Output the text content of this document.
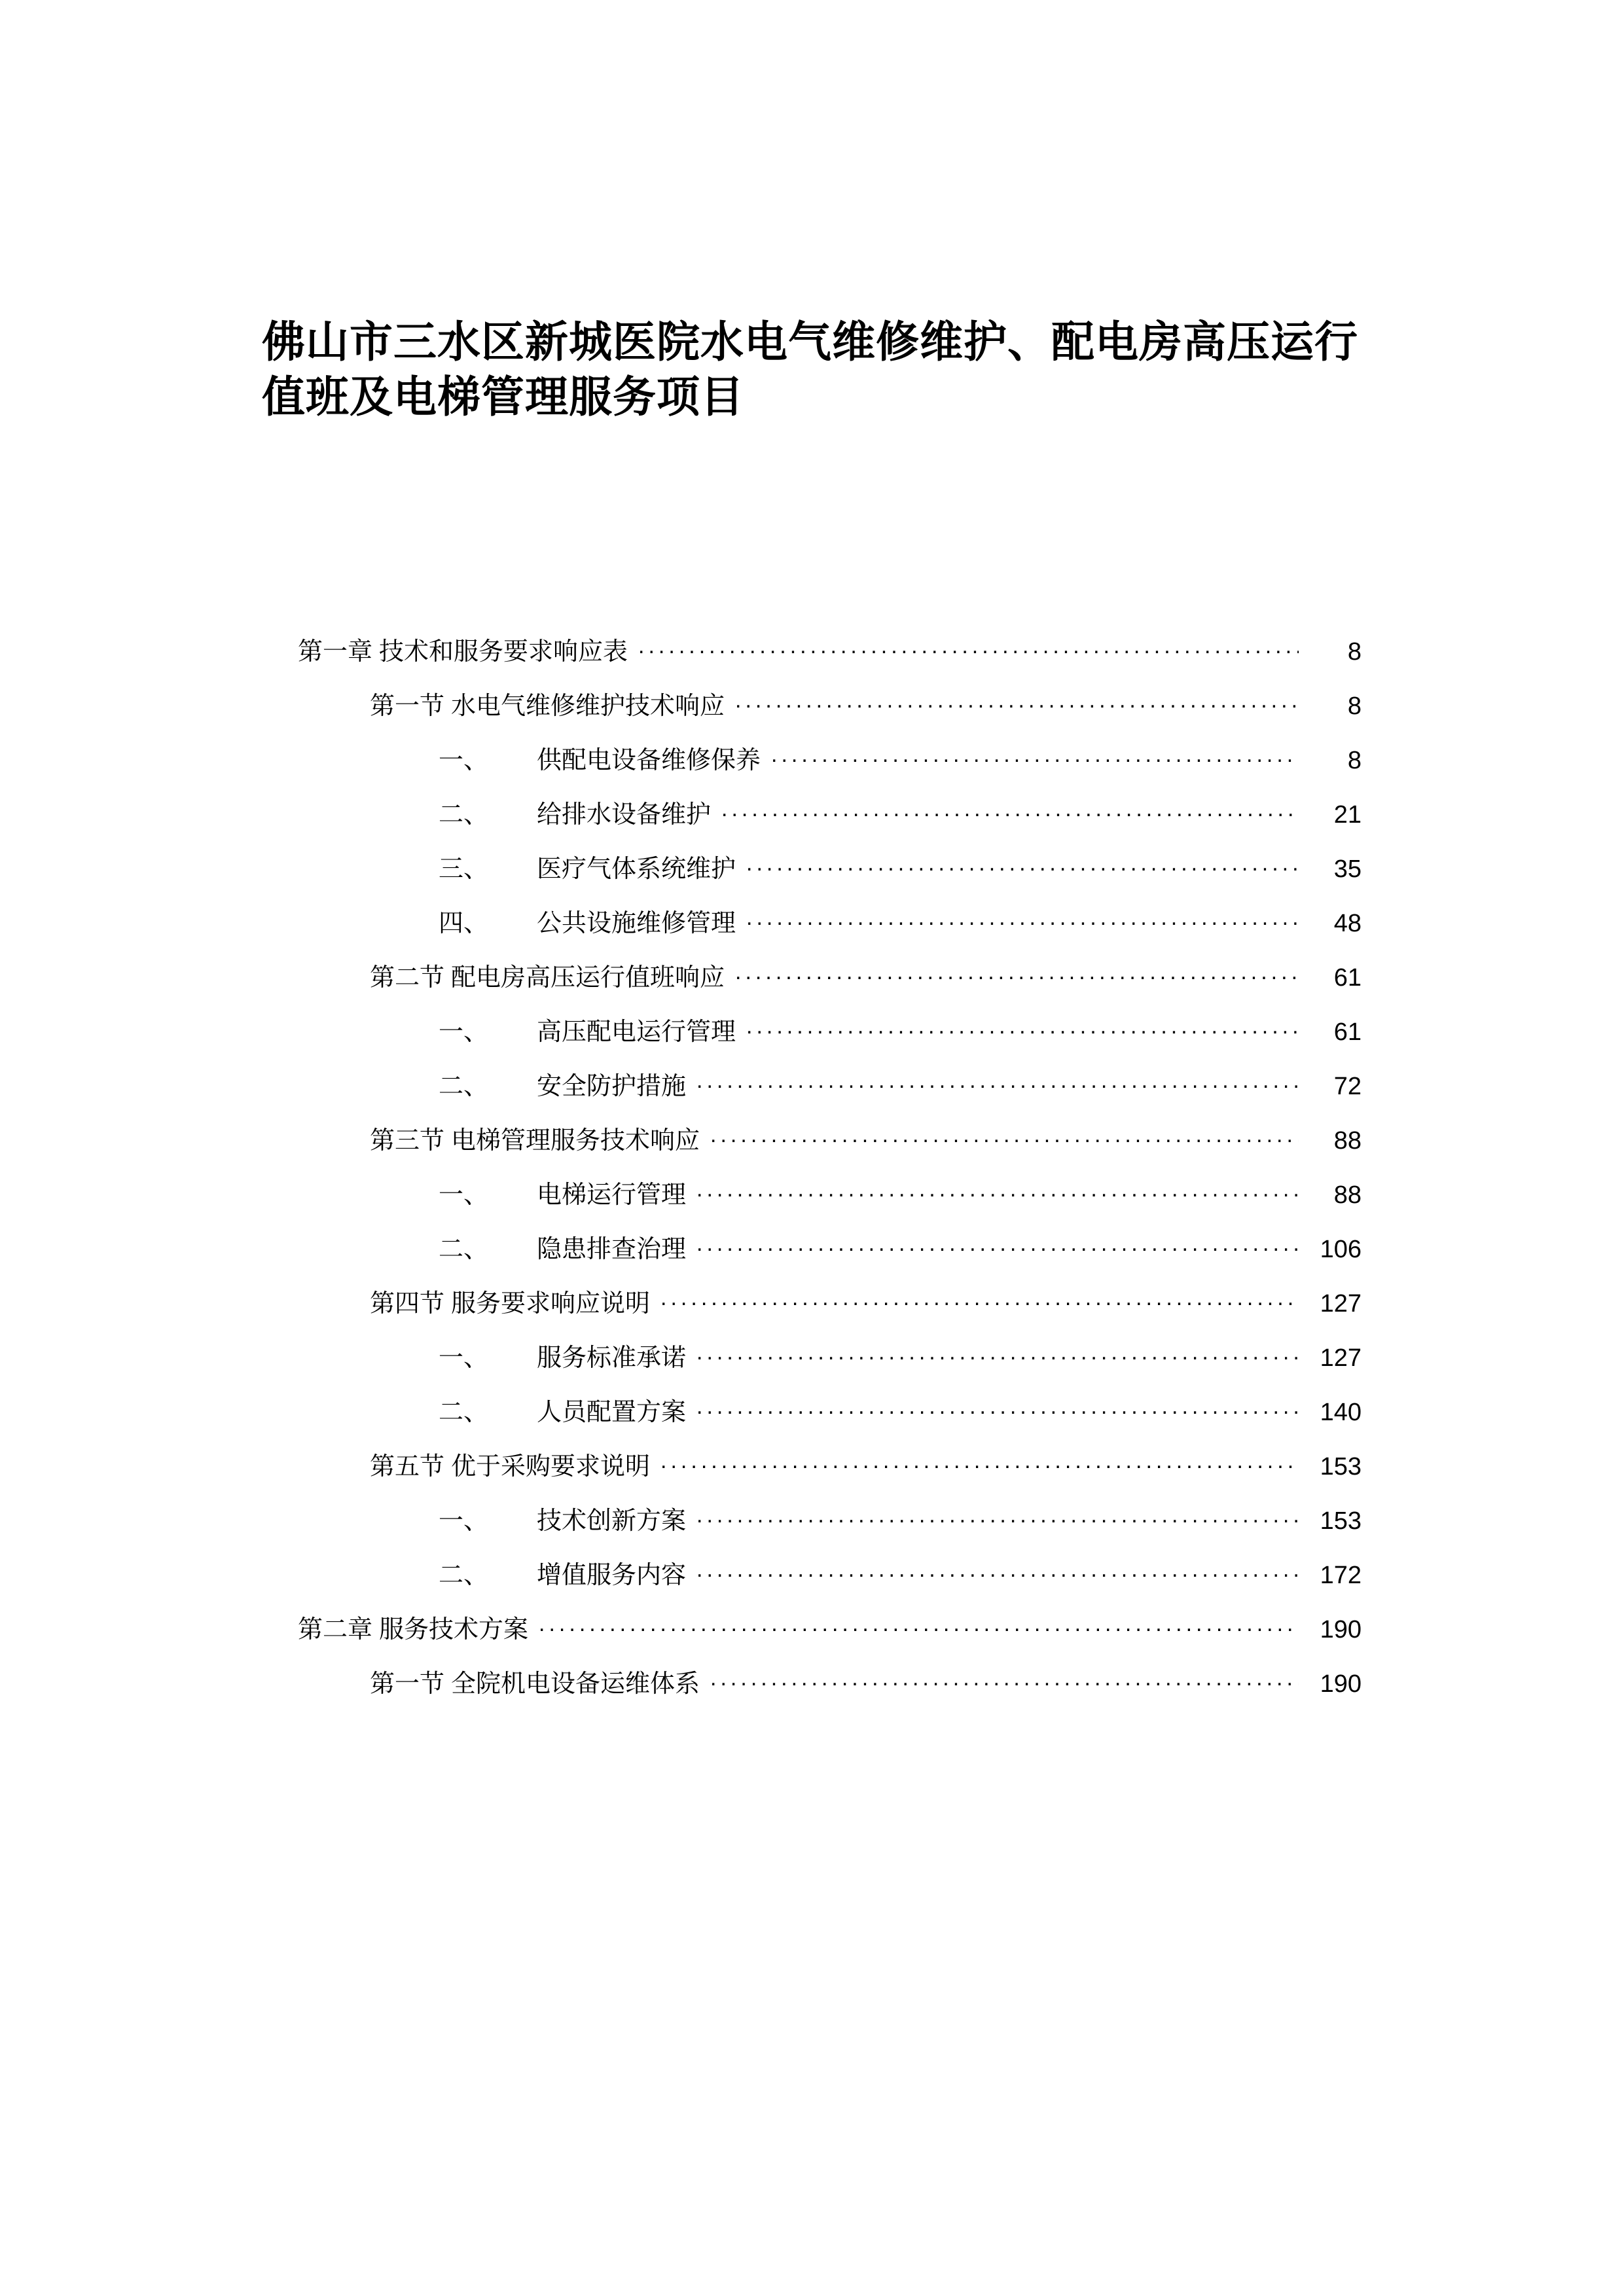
佛山市三水区新城医院水电气维修维护、配电房高压运行值班及电梯管理服务项目
第一章 技术和服务要求响应表 .....	8
第一节 水电气维修维护技术响应 .....	8
一、	供配电设备维修保养 .....	8
二、	给排水设备维护 .....	21
三、	医疗气体系统维护 .....	35
四、	公共设施维修管理 .....	48
第二节 配电房高压运行值班响应 .....	61
一、	高压配电运行管理 .....	61
二、	安全防护措施 .....	72
第三节 电梯管理服务技术响应 .....	88
一、	电梯运行管理 .....	88
二、	隐患排查治理 .....	106
第四节 服务要求响应说明 .....	127
一、	服务标准承诺 .....	127
二、	人员配置方案 .....	140
第五节 优于采购要求说明 .....	153
一、	技术创新方案 .....	153
二、	增值服务内容 .....	172
第二章 服务技术方案 .....	190
第一节 全院机电设备运维体系 .....	190
